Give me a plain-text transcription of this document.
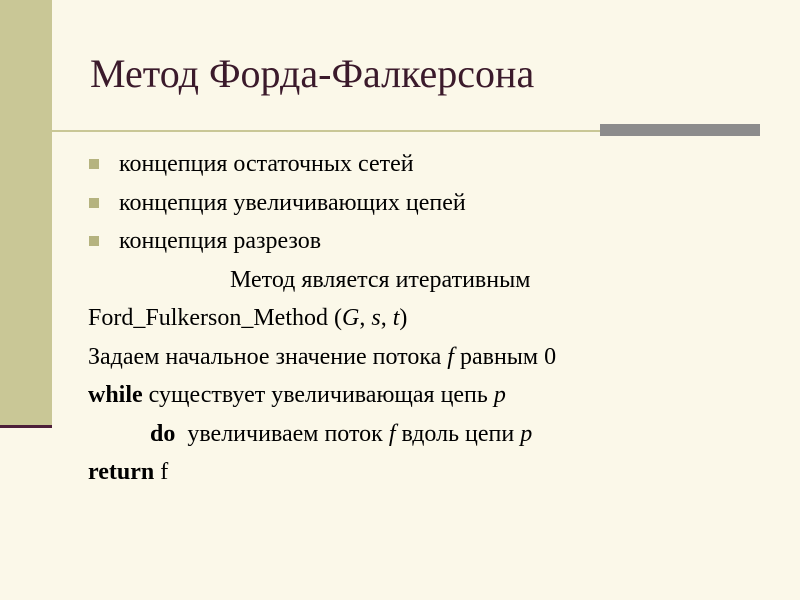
Метод Форда-Фалкерсона
концепция остаточных сетей
концепция увеличивающих цепей
концепция разрезов
Метод является итеративным
Ford_Fulkerson_Method (G, s, t)
Задаем начальное значение потока f равным 0
while существует увеличивающая цепь p
do  увеличиваем поток f вдоль цепи p
return f
